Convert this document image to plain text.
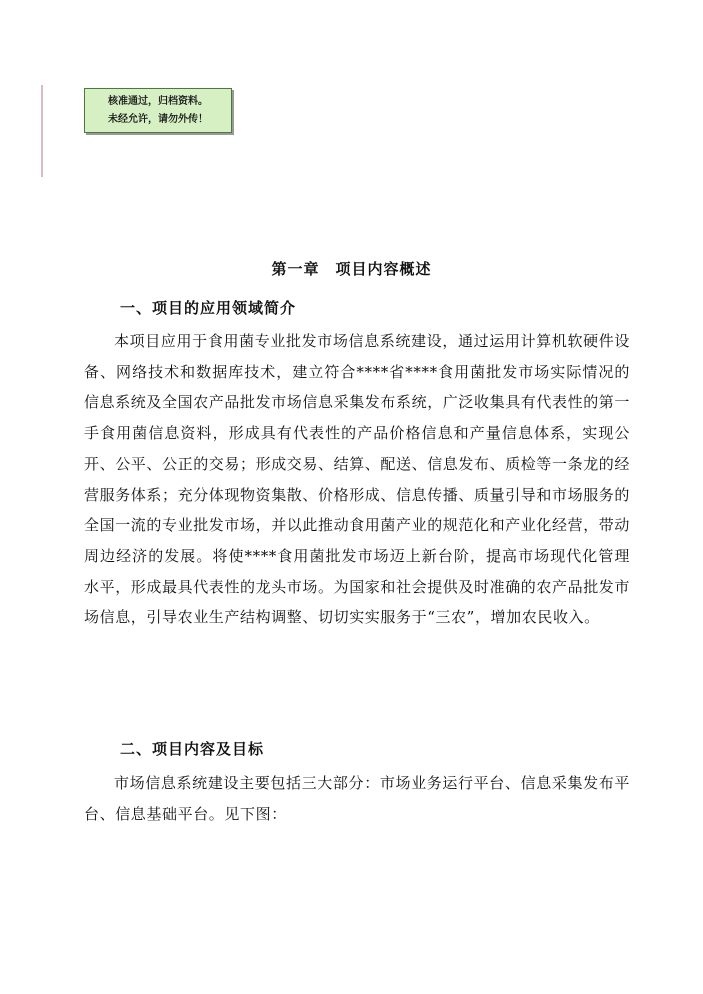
核准通过，归档资料。
未经允许，请勿外传！
第一章　项目内容概述
一、项目的应用领域简介
本项目应用于食用菌专业批发市场信息系统建设，通过运用计算机软硬件设备、网络技术和数据库技术，建立符合****省****食用菌批发市场实际情况的信息系统及全国农产品批发市场信息采集发布系统，广泛收集具有代表性的第一手食用菌信息资料，形成具有代表性的产品价格信息和产量信息体系，实现公开、公平、公正的交易；形成交易、结算、配送、信息发布、质检等一条龙的经营服务体系；充分体现物资集散、价格形成、信息传播、质量引导和市场服务的全国一流的专业批发市场，并以此推动食用菌产业的规范化和产业化经营，带动周边经济的发展。将使****食用菌批发市场迈上新台阶，提高市场现代化管理水平，形成最具代表性的龙头市场。为国家和社会提供及时准确的农产品批发市场信息，引导农业生产结构调整、切切实实服务于“三农”，增加农民收入。
二、项目内容及目标
市场信息系统建设主要包括三大部分：市场业务运行平台、信息采集发布平台、信息基础平台。见下图：
